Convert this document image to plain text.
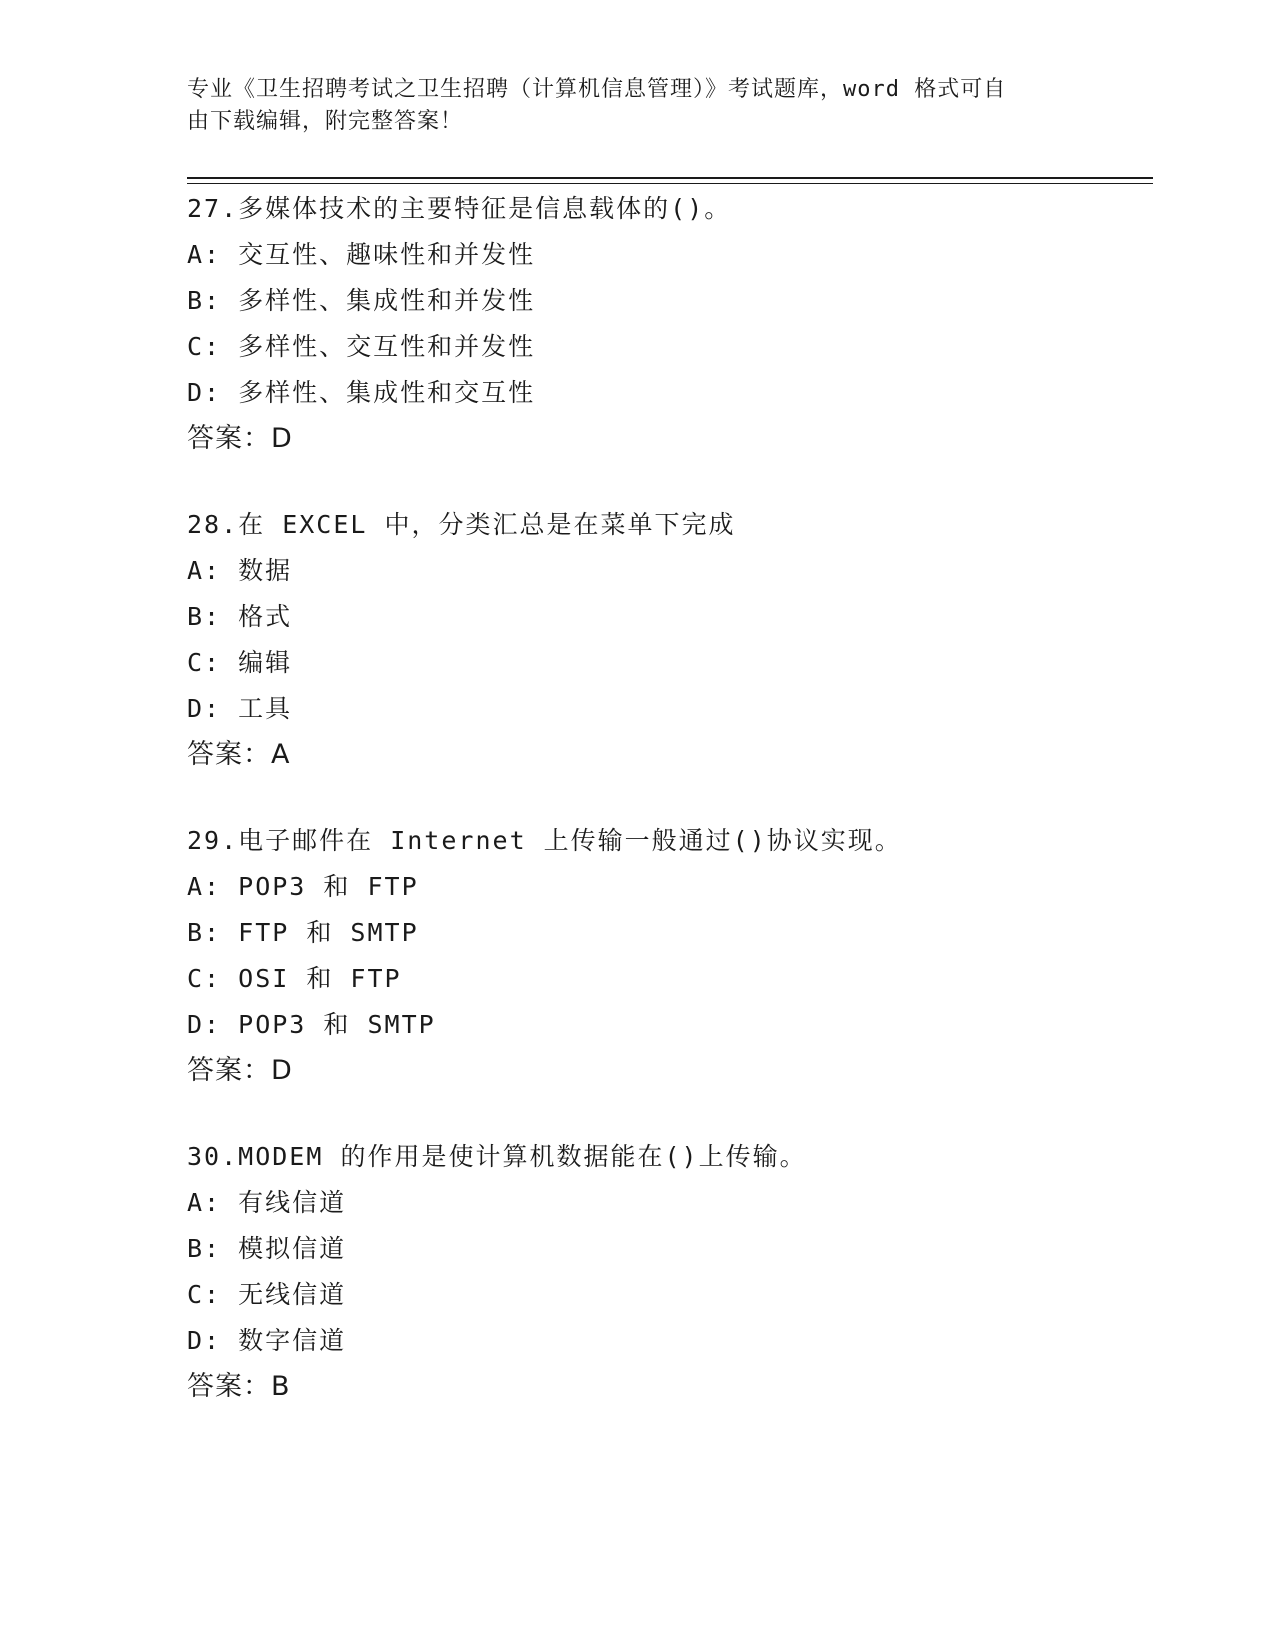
专业《卫生招聘考试之卫生招聘（计算机信息管理）》考试题库，word 格式可自
由下载编辑，附完整答案！
27.多媒体技术的主要特征是信息载体的()。
A: 交互性、趣味性和并发性
B: 多样性、集成性和并发性
C: 多样性、交互性和并发性
D: 多样性、集成性和交互性
答案：D
28.在 EXCEL 中，分类汇总是在菜单下完成
A: 数据
B: 格式
C: 编辑
D: 工具
答案：A
29.电子邮件在 Internet 上传输一般通过()协议实现。
A: POP3 和 FTP
B: FTP 和 SMTP
C: OSI 和 FTP
D: POP3 和 SMTP
答案：D
30.MODEM 的作用是使计算机数据能在()上传输。
A: 有线信道
B: 模拟信道
C: 无线信道
D: 数字信道
答案：B
